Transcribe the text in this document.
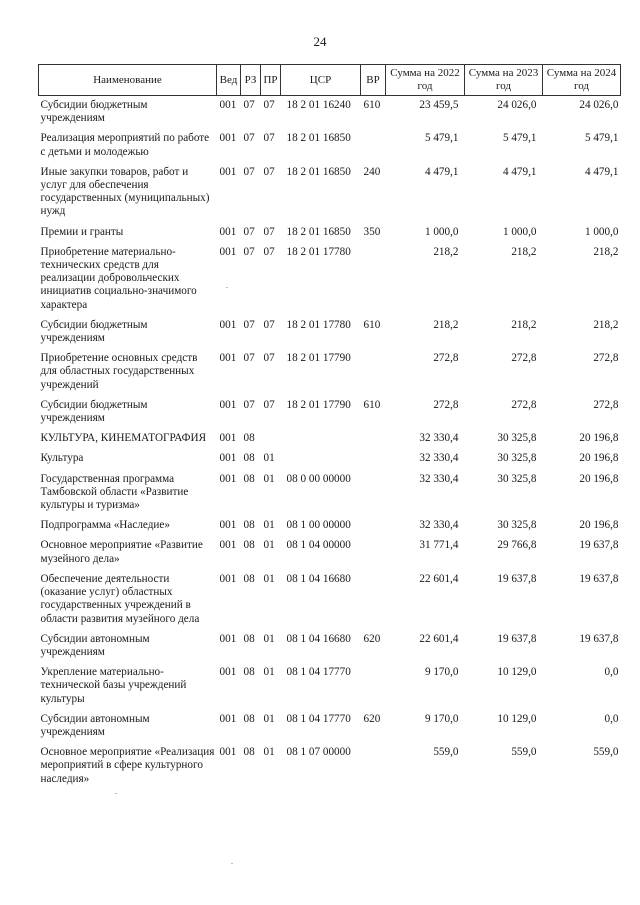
24
Наименование	Вед	РЗ	ПР	ЦСР	ВР	Сумма на 2022 год	Сумма на 2023 год	Сумма на 2024 год
Субсидии бюджетным учреждениям	001	07	07	18 2 01 16240	610	23 459,5	24 026,0	24 026,0
Реализация мероприятий по работе с детьми и молодежью	001	07	07	18 2 01 16850		5 479,1	5 479,1	5 479,1
Иные закупки товаров, работ и услуг для обеспечения государственных (муниципальных) нужд	001	07	07	18 2 01 16850	240	4 479,1	4 479,1	4 479,1
Премии и гранты	001	07	07	18 2 01 16850	350	1 000,0	1 000,0	1 000,0
Приобретение материально-технических средств для реализации добровольческих инициатив социально-значимого характера	001	07	07	18 2 01 17780		218,2	218,2	218,2
Субсидии бюджетным учреждениям	001	07	07	18 2 01 17780	610	218,2	218,2	218,2
Приобретение основных средств для областных государственных учреждений	001	07	07	18 2 01 17790		272,8	272,8	272,8
Субсидии бюджетным учреждениям	001	07	07	18 2 01 17790	610	272,8	272,8	272,8
КУЛЬТУРА, КИНЕМАТОГРАФИЯ	001	08				32 330,4	30 325,8	20 196,8
Культура	001	08	01			32 330,4	30 325,8	20 196,8
Государственная программа Тамбовской области «Развитие культуры и туризма»	001	08	01	08 0 00 00000		32 330,4	30 325,8	20 196,8
Подпрограмма «Наследие»	001	08	01	08 1 00 00000		32 330,4	30 325,8	20 196,8
Основное мероприятие «Развитие музейного дела»	001	08	01	08 1 04 00000		31 771,4	29 766,8	19 637,8
Обеспечение деятельности (оказание услуг) областных государственных учреждений в области развития музейного дела	001	08	01	08 1 04 16680		22 601,4	19 637,8	19 637,8
Субсидии автономным учреждениям	001	08	01	08 1 04 16680	620	22 601,4	19 637,8	19 637,8
Укрепление материально-технической базы учреждений культуры	001	08	01	08 1 04 17770		9 170,0	10 129,0	0,0
Субсидии автономным учреждениям	001	08	01	08 1 04 17770	620	9 170,0	10 129,0	0,0
Основное мероприятие «Реализация мероприятий в сфере культурного наследия»	001	08	01	08 1 07 00000		559,0	559,0	559,0
